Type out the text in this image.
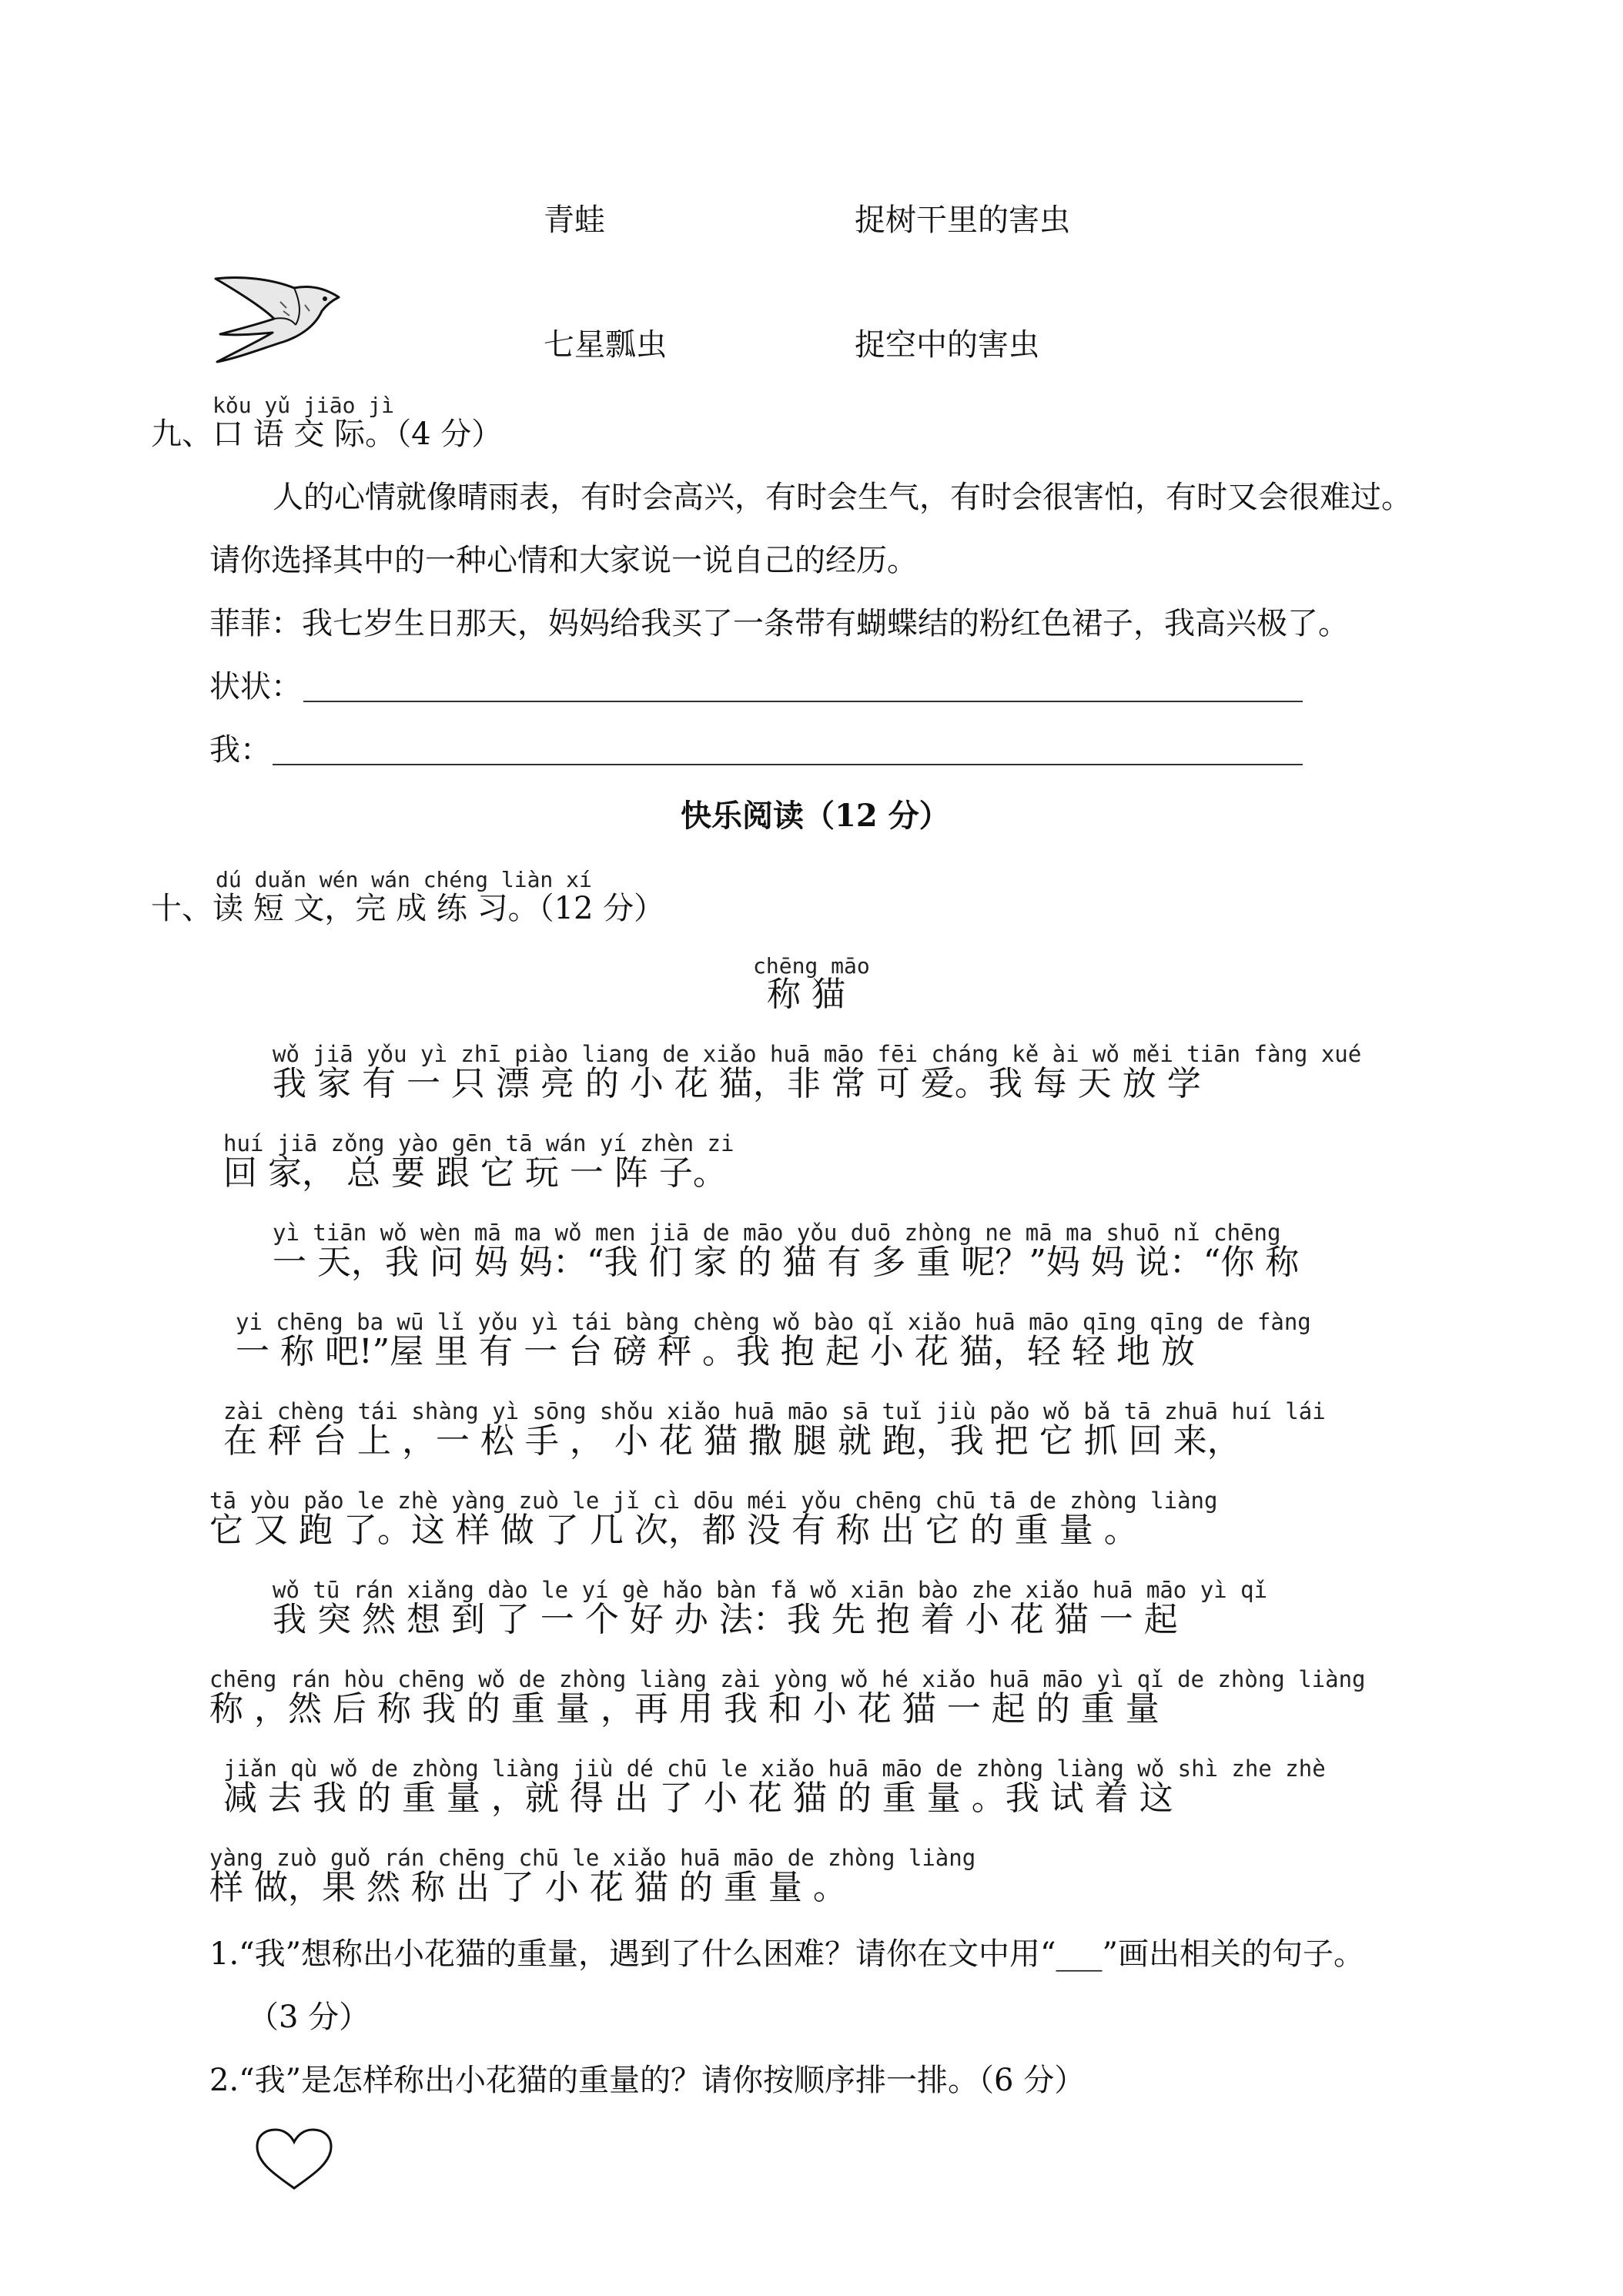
青蛙	捉树干里的害虫
七星瓢虫	捉空中的害虫
kǒu yǔ jiāo jì
九、口 语 交 际。（4 分）
人的心情就像晴雨表，有时会高兴，有时会生气，有时会很害怕，有时又会很难过。
请你选择其中的一种心情和大家说一说自己的经历。
菲菲：我七岁生日那天，妈妈给我买了一条带有蝴蝶结的粉红色裙子，我高兴极了。
状状：
我：
快乐阅读（12 分）
dú duǎn wén wán chéng liàn xí
十、读 短 文，完 成 练 习。（12 分）
chēng māo
称 猫
wǒ jiā yǒu yì zhī piào liang de xiǎo huā māo fēi cháng kě ài wǒ měi tiān fàng xué
我 家 有 一 只 漂 亮 的 小 花 猫，非 常 可 爱。我 每 天 放 学
huí jiā zǒng yào gēn tā wán yí zhèn zi
回 家， 总 要 跟 它 玩 一 阵 子。
yì tiān wǒ wèn mā ma wǒ men jiā de māo yǒu duō zhòng ne mā ma shuō nǐ chēng
一 天，我 问 妈 妈：“我 们 家 的 猫 有 多 重 呢？”妈 妈 说：“你 称
yi chēng ba wū lǐ yǒu yì tái bàng chèng wǒ bào qǐ xiǎo huā māo qīng qīng de fàng
一 称 吧!”屋 里 有 一 台 磅 秤 。我 抱 起 小 花 猫，轻 轻 地 放
zài chèng tái shàng yì sōng shǒu xiǎo huā māo sā tuǐ jiù pǎo wǒ bǎ tā zhuā huí lái
在 秤 台 上 ，一 松 手 ， 小 花 猫 撒 腿 就 跑，我 把 它 抓 回 来，
tā yòu pǎo le zhè yàng zuò le jǐ cì dōu méi yǒu chēng chū tā de zhòng liàng
它 又 跑 了。这 样 做 了 几 次，都 没 有 称 出 它 的 重 量 。
wǒ tū rán xiǎng dào le yí gè hǎo bàn fǎ wǒ xiān bào zhe xiǎo huā māo yì qǐ
我 突 然 想 到 了 一 个 好 办 法：我 先 抱 着 小 花 猫 一 起
chēng rán hòu chēng wǒ de zhòng liàng zài yòng wǒ hé xiǎo huā māo yì qǐ de zhòng liàng
称 ，然 后 称 我 的 重 量 ，再 用 我 和 小 花 猫 一 起 的 重 量
jiǎn qù wǒ de zhòng liàng jiù dé chū le xiǎo huā māo de zhòng liàng wǒ shì zhe zhè
减 去 我 的 重 量 ，就 得 出 了 小 花 猫 的 重 量 。我 试 着 这
yàng zuò guǒ rán chēng chū le xiǎo huā māo de zhòng liàng
样 做，果 然 称 出 了 小 花 猫 的 重 量 。
1.“我”想称出小花猫的重量，遇到了什么困难？请你在文中用“___”画出相关的句子。
（3 分）
2.“我”是怎样称出小花猫的重量的？请你按顺序排一排。（6 分）
